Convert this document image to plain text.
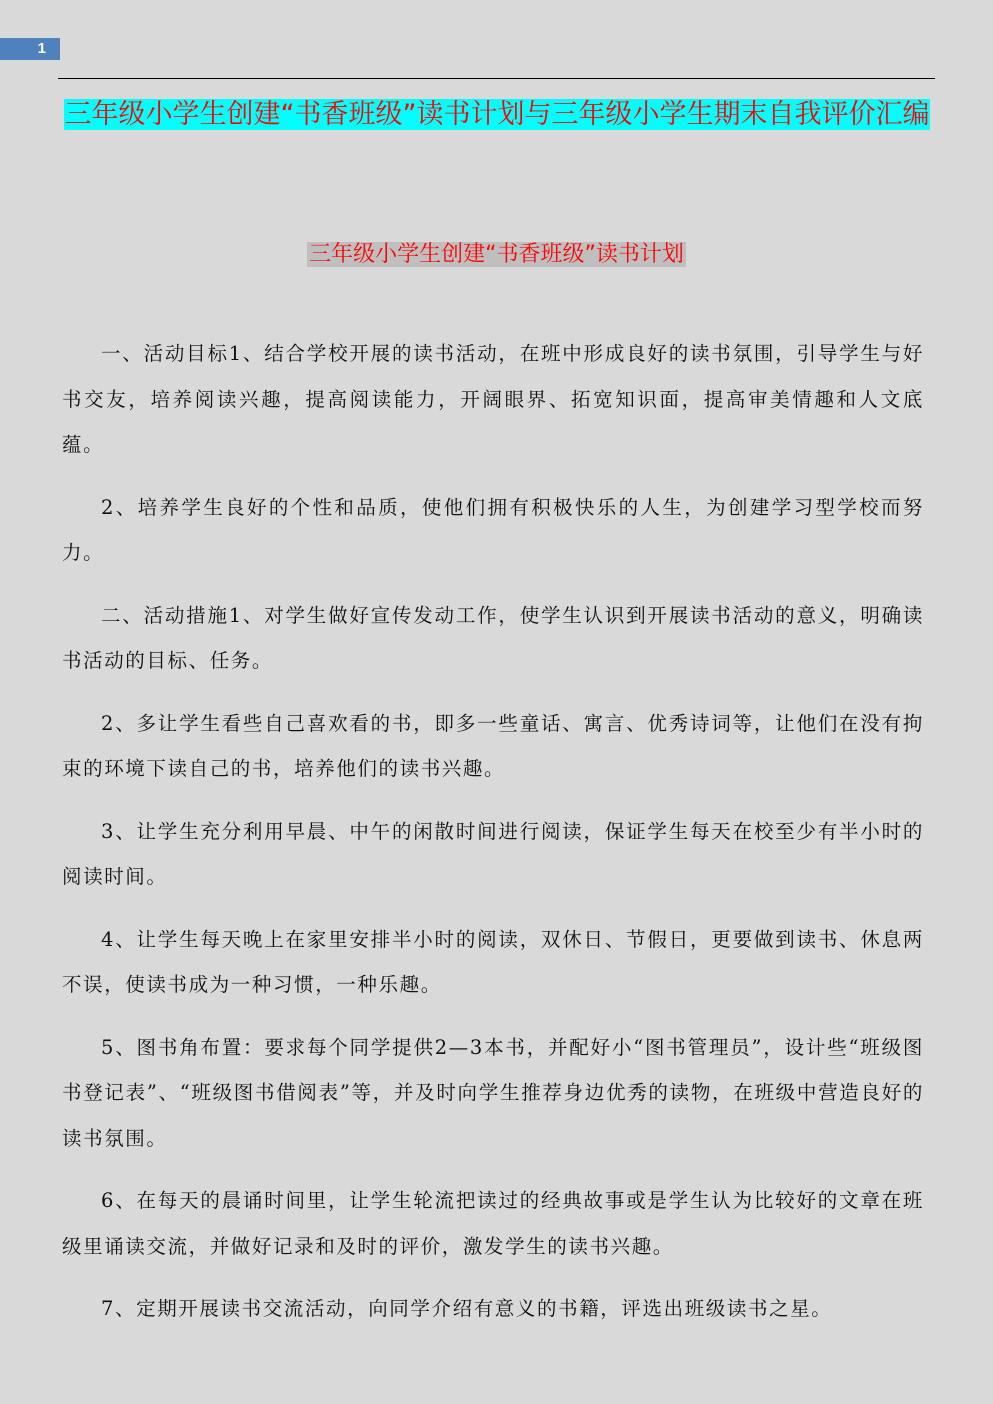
1
三年级小学生创建“书香班级”读书计划与三年级小学生期末自我评价汇编
三年级小学生创建“书香班级”读书计划

一、活动目标1、结合学校开展的读书活动，在班中形成良好的读书氛围，引导学生与好书交友，培养阅读兴趣，提高阅读能力，开阔眼界、拓宽知识面，提高审美情趣和人文底蕴。

2、培养学生良好的个性和品质，使他们拥有积极快乐的人生，为创建学习型学校而努力。

二、活动措施1、对学生做好宣传发动工作，使学生认识到开展读书活动的意义，明确读书活动的目标、任务。

2、多让学生看些自己喜欢看的书，即多一些童话、寓言、优秀诗词等，让他们在没有拘束的环境下读自己的书，培养他们的读书兴趣。

3、让学生充分利用早晨、中午的闲散时间进行阅读，保证学生每天在校至少有半小时的阅读时间。

4、让学生每天晚上在家里安排半小时的阅读，双休日、节假日，更要做到读书、休息两不误，使读书成为一种习惯，一种乐趣。

5、图书角布置：要求每个同学提供2—3本书，并配好小“图书管理员”，设计些“班级图书登记表”、“班级图书借阅表”等，并及时向学生推荐身边优秀的读物，在班级中营造良好的读书氛围。

6、在每天的晨诵时间里，让学生轮流把读过的经典故事或是学生认为比较好的文章在班级里诵读交流，并做好记录和及时的评价，激发学生的读书兴趣。

7、定期开展读书交流活动，向同学介绍有意义的书籍，评选出班级读书之星。
